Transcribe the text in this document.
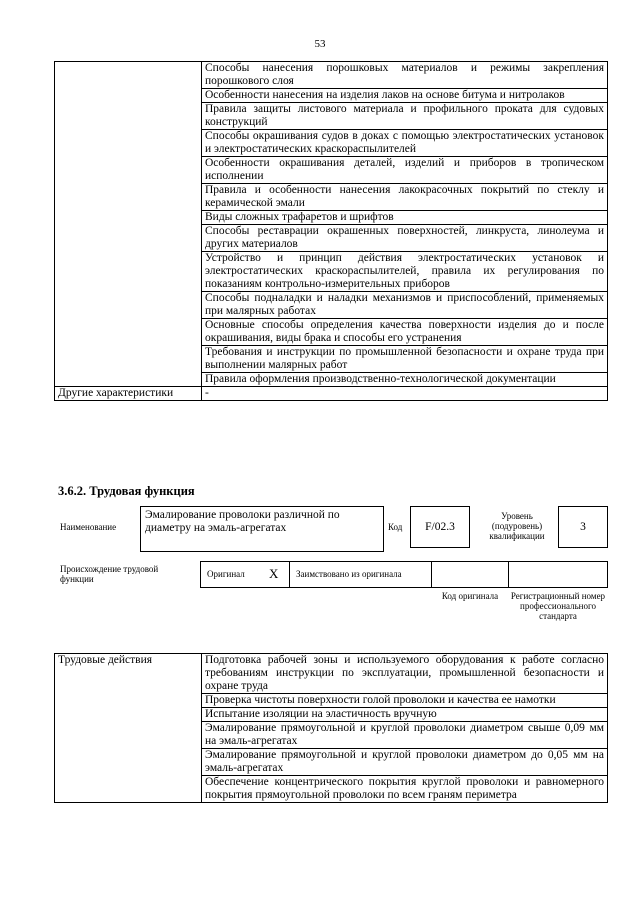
53
	Способы нанесения порошковых материалов и режимы закрепления порошкового слоя
	Особенности нанесения на изделия лаков на основе битума и нитролаков
	Правила защиты листового материала и профильного проката для судовых конструкций
	Способы окрашивания судов в доках с помощью электростатических установок и электростатических краскораспылителей
	Особенности окрашивания деталей, изделий и приборов в тропическом исполнении
	Правила и особенности нанесения лакокрасочных покрытий по стеклу и керамической эмали
	Виды сложных трафаретов и шрифтов
	Способы реставрации окрашенных поверхностей, линкруста, линолеума и других материалов
	Устройство и принцип действия электростатических установок и электростатических краскораспылителей, правила их регулирования по показаниям контрольно-измерительных приборов
	Способы подналадки и наладки механизмов и приспособлений, применяемых при малярных работах
	Основные способы определения качества поверхности изделия до и после окрашивания, виды брака и способы его устранения
	Требования и инструкции по промышленной безопасности и охране труда при выполнении малярных работ
	Правила оформления производственно-технологической документации
Другие характеристики	-
3.6.2. Трудовая функция
Наименование
Эмалирование проволоки различной по диаметру на эмаль-агрегатах	Код	F/02.3
Уровень (подуровень) квалификации
3
Происхождение трудовой функции	Оригинал X Заимствовано из оригинала
Код оригинала	Регистрационный номер профессионального стандарта
Трудовые действия	Подготовка рабочей зоны и используемого оборудования к работе согласно требованиям инструкции по эксплуатации, промышленной безопасности и охране труда
Проверка чистоты поверхности голой проволоки и качества ее намотки
Испытание изоляции на эластичность вручную
Эмалирование прямоугольной и круглой проволоки диаметром свыше 0,09 мм на эмаль-агрегатах
Эмалирование прямоугольной и круглой проволоки диаметром до 0,05 мм на эмаль-агрегатах
Обеспечение концентрического покрытия круглой проволоки и равномерного покрытия прямоугольной проволоки по всем граням периметра
